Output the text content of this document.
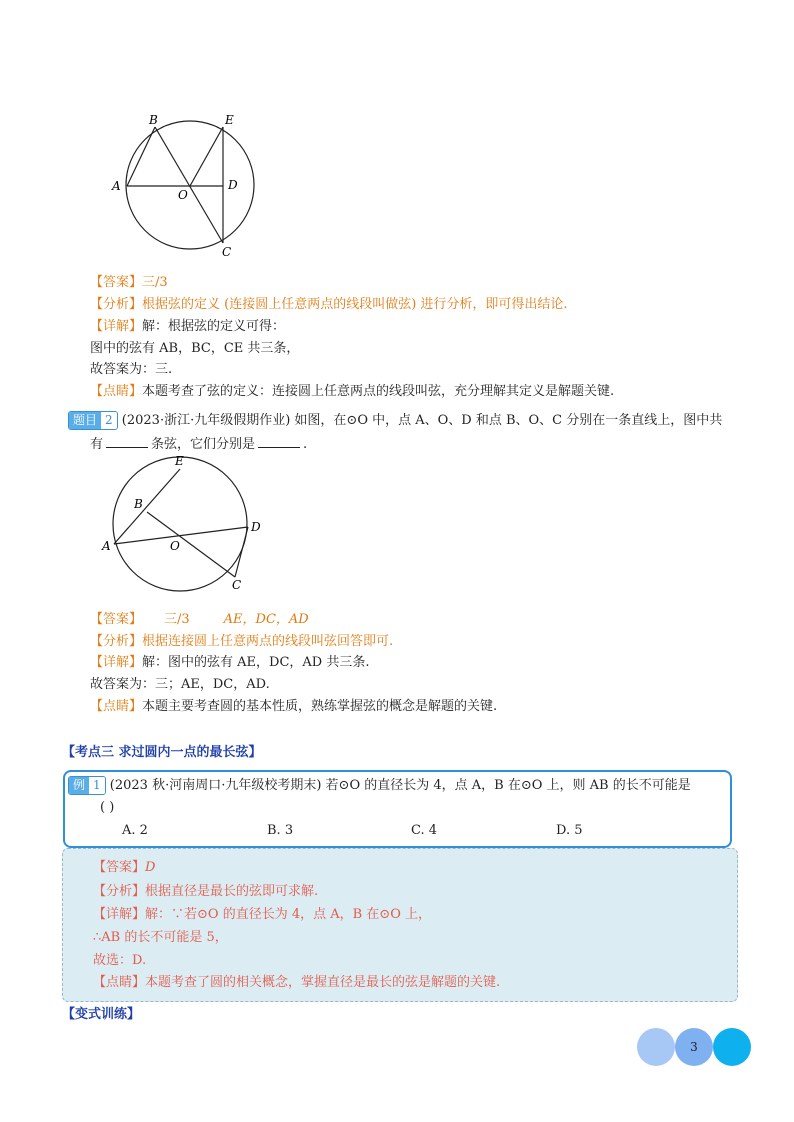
B	E
A
O
D
C
【答案】三/3
【分析】根据弦的定义 (连接圆上任意两点的线段叫做弦) 进行分析，即可得出结论.
【详解】解：根据弦的定义可得：
图中的弦有 AB，BC，CE 共三条，
故答案为：三.
【点睛】本题考查了弦的定义：连接圆上任意两点的线段叫弦，充分理解其定义是解题关键.
题目 2 (2023·浙江·九年级假期作业) 如图，在⊙O 中，点 A、O、D 和点 B、O、C 分别在一条直线上，图中共
有	条弦，它们分别是	.
E
B
D
A	O
C
【答案】 三/3	AE，DC，AD
【分析】根据连接圆上任意两点的线段叫弦回答即可.
【详解】解：图中的弦有 AE，DC，AD 共三条.
故答案为：三；AE，DC，AD.
【点睛】本题主要考查圆的基本性质，熟练掌握弦的概念是解题的关键.
【考点三 求过圆内一点的最长弦】
例 1 (2023 秋·河南周口·九年级校考期末) 若⊙O 的直径长为 4，点 A，B 在⊙O 上，则 AB 的长不可能是
( )
A. 2	B. 3	C. 4	D. 5
【答案】D
【分析】根据直径是最长的弦即可求解.
【详解】解：∵若⊙O 的直径长为 4，点 A，B 在⊙O 上，
∴AB 的长不可能是 5，
故选：D.
【点睛】本题考查了圆的相关概念，掌握直径是最长的弦是解题的关键.
【变式训练】
3
